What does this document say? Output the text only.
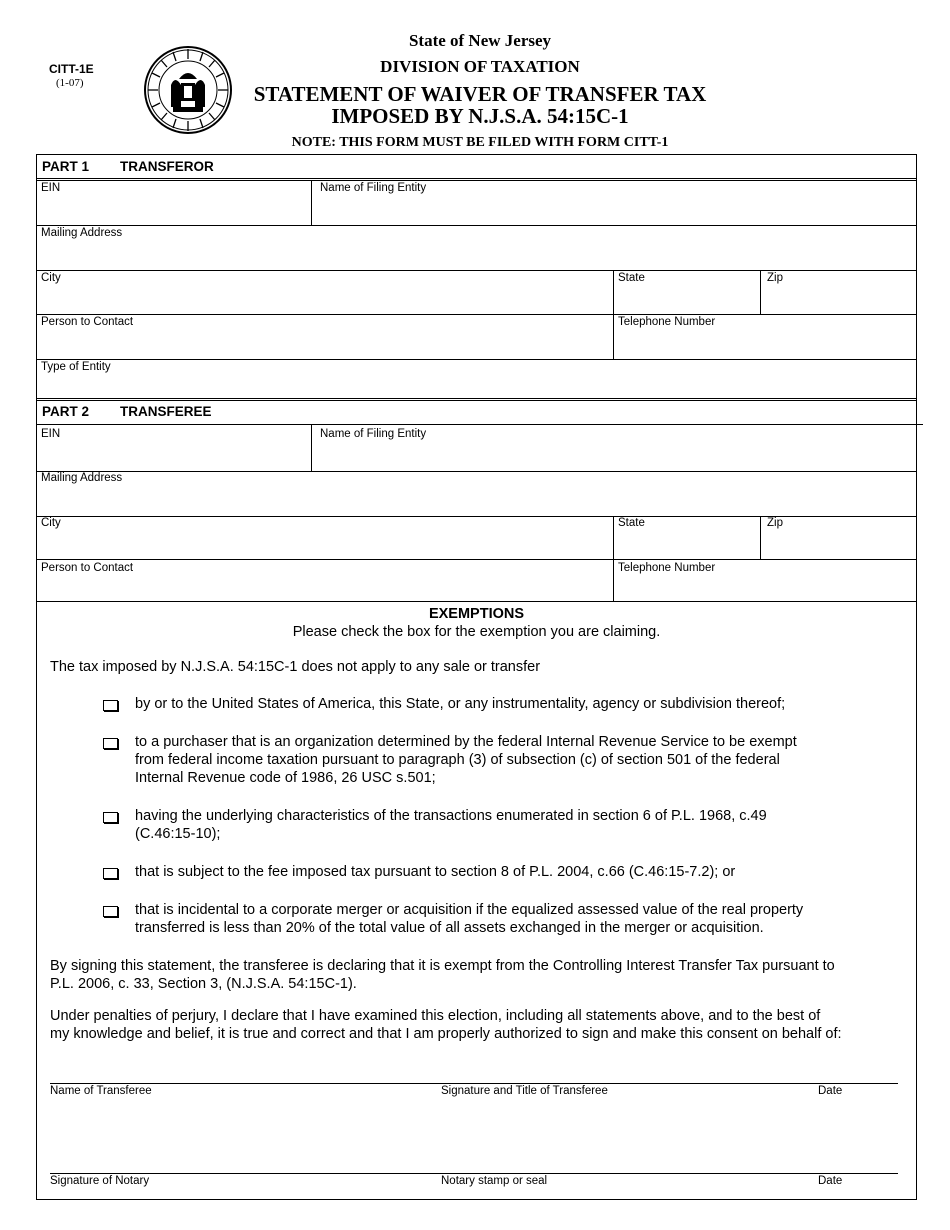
CITT-1E
(1-07)
State of New Jersey
DIVISION OF TAXATION
STATEMENT OF WAIVER OF TRANSFER TAX
IMPOSED BY N.J.S.A. 54:15C-1
NOTE: THIS FORM MUST BE FILED WITH FORM CITT-1
PART 1 TRANSFEROR
EIN	Name of Filing Entity
Mailing Address
City	State	Zip
Person to Contact	Telephone Number
Type of Entity
PART 2 TRANSFEREE
EIN	Name of Filing Entity
Mailing Address
City	State	Zip
Person to Contact	Telephone Number
EXEMPTIONS
Please check the box for the exemption you are claiming.
The tax imposed by N.J.S.A. 54:15C-1 does not apply to any sale or transfer
by or to the United States of America, this State, or any instrumentality, agency or subdivision thereof;
to a purchaser that is an organization determined by the federal Internal Revenue Service to be exempt
from federal income taxation pursuant to paragraph (3) of subsection (c) of section 501 of the federal
Internal Revenue code of 1986, 26 USC s.501;
having the underlying characteristics of the transactions enumerated in section 6 of P.L. 1968, c.49
(C.46:15-10);
that is subject to the fee imposed tax pursuant to section 8 of P.L. 2004, c.66 (C.46:15-7.2); or
that is incidental to a corporate merger or acquisition if the equalized assessed value of the real property
transferred is less than 20% of the total value of all assets exchanged in the merger or acquisition.
By signing this statement, the transferee is declaring that it is exempt from the Controlling Interest Transfer Tax pursuant to
P.L. 2006, c. 33, Section 3, (N.J.S.A. 54:15C-1).
Under penalties of perjury, I declare that I have examined this election, including all statements above, and to the best of
my knowledge and belief, it is true and correct and that I am properly authorized to sign and make this consent on behalf of:
Name of Transferee	Signature and Title of Transferee	Date
Signature of Notary	Notary stamp or seal	Date
